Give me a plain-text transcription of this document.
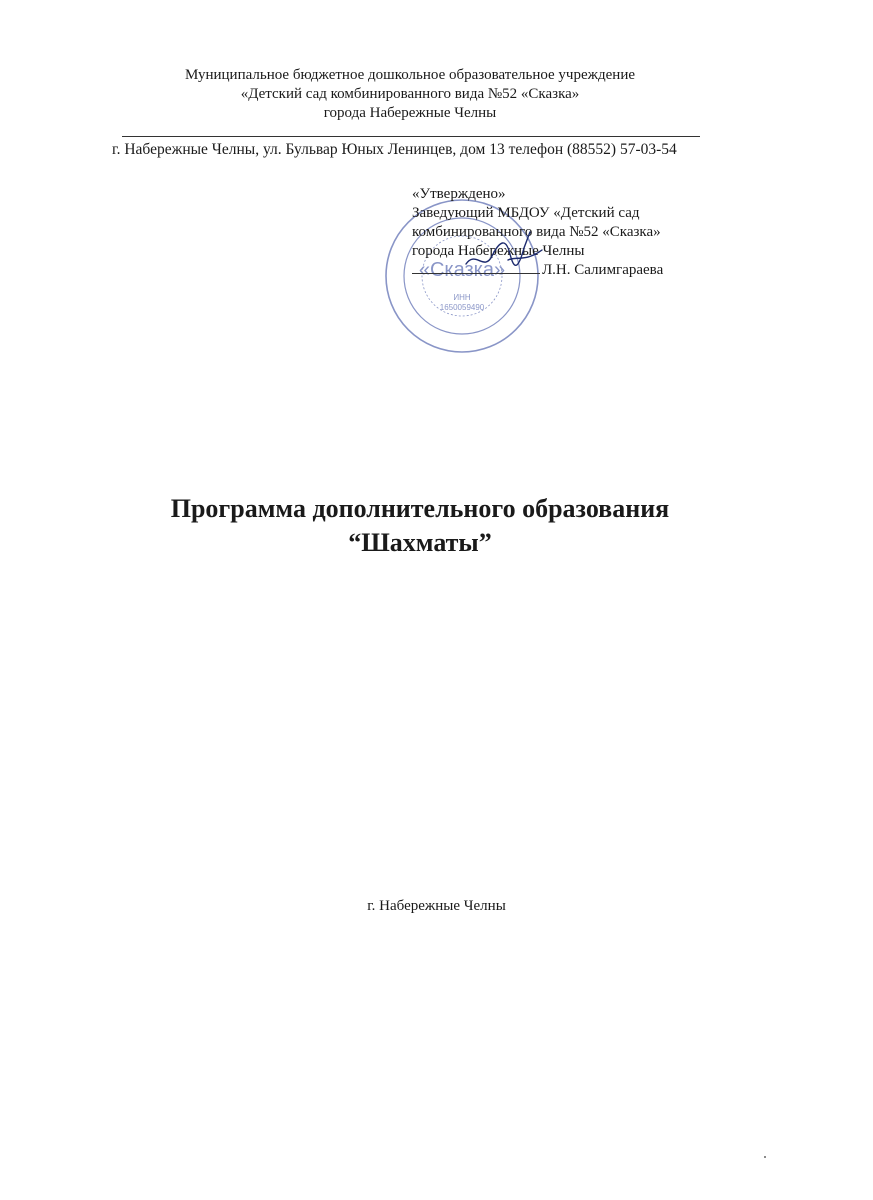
Муниципальное бюджетное дошкольное образовательное учреждение
«Детский сад комбинированного вида №52 «Сказка»
города Набережные Челны
г. Набережные Челны, ул. Бульвар Юных Ленинцев, дом 13 телефон (88552) 57-03-54
«Сказка»
ИНН
1650059490
«Утверждено»
Заведующий МБДОУ «Детский сад
комбинированного вида №52 «Сказка»
города Набережные Челны
Л.Н. Салимгараева
Программа дополнительного образования
“Шахматы”
г. Набережные Челны
